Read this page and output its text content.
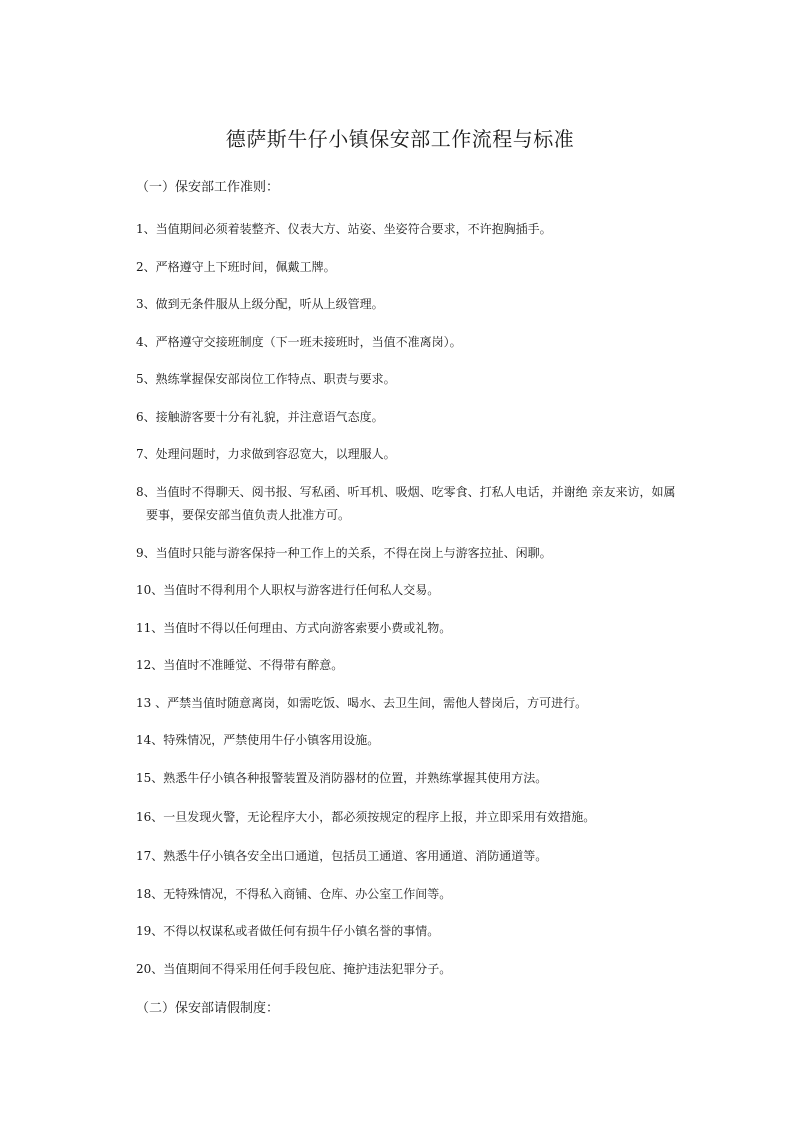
德萨斯牛仔小镇保安部工作流程与标准
（一）保安部工作准则：
1、当值期间必须着装整齐、仪表大方、站姿、坐姿符合要求，不许抱胸插手。
2、严格遵守上下班时间，佩戴工牌。
3、做到无条件服从上级分配，听从上级管理。
4、严格遵守交接班制度（下一班未接班时，当值不准离岗）。
5、熟练掌握保安部岗位工作特点、职责与要求。
6、接触游客要十分有礼貌，并注意语气态度。
7、处理问题时，力求做到容忍宽大，以理服人。
8、当值时不得聊天、阅书报、写私函、听耳机、吸烟、吃零食、打私人电话，并谢绝 亲友来访，如属要事，要保安部当值负责人批准方可。
9、当值时只能与游客保持一种工作上的关系，不得在岗上与游客拉扯、闲聊。
10、当值时不得利用个人职权与游客进行任何私人交易。
11、当值时不得以任何理由、方式向游客索要小费或礼物。
12、当值时不准睡觉、不得带有醉意。
13 、严禁当值时随意离岗，如需吃饭、喝水、去卫生间，需他人替岗后，方可进行。
14、特殊情况，严禁使用牛仔小镇客用设施。
15、熟悉牛仔小镇各种报警装置及消防器材的位置，并熟练掌握其使用方法。
16、一旦发现火警，无论程序大小，都必须按规定的程序上报，并立即采用有效措施。
17、熟悉牛仔小镇各安全出口通道，包括员工通道、客用通道、消防通道等。
18、无特殊情况，不得私入商铺、仓库、办公室工作间等。
19、不得以权谋私或者做任何有损牛仔小镇名誉的事情。
20、当值期间不得采用任何手段包庇、掩护违法犯罪分子。
（二）保安部请假制度：
